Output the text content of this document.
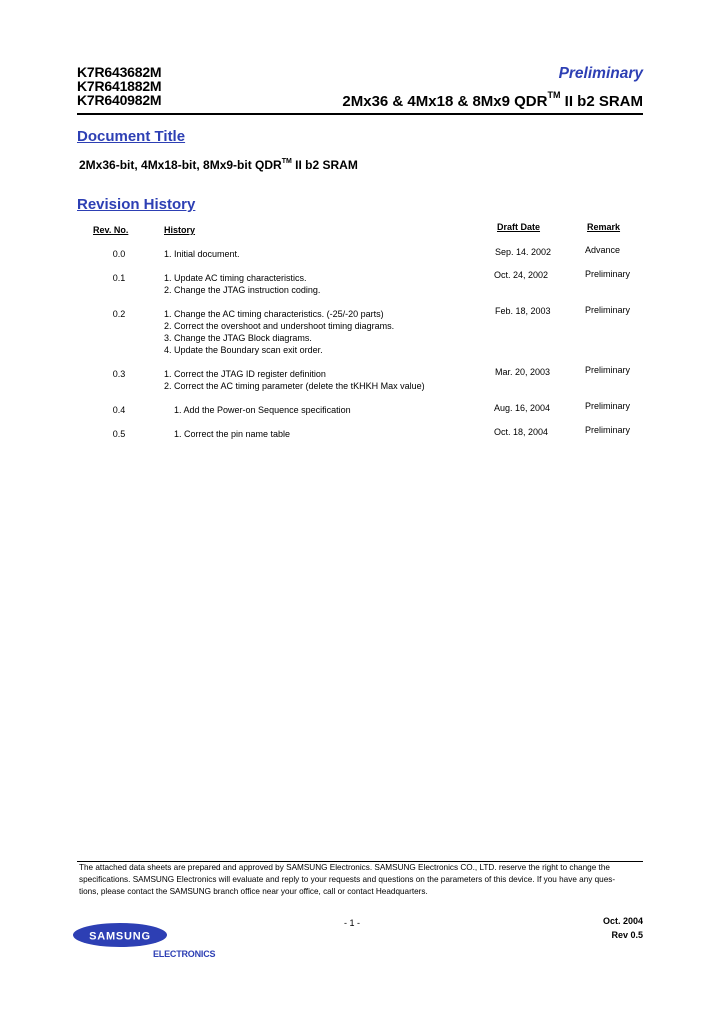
K7R643682M
K7R641882M
K7R640982M
Preliminary
2Mx36 & 4Mx18 & 8Mx9 QDR™ II b2 SRAM
Document Title
2Mx36-bit, 4Mx18-bit, 8Mx9-bit QDR™ II b2 SRAM
Revision History
Rev. No.	History	Draft Date	Remark
0.0	1. Initial document.	Sep. 14. 2002	Advance
0.1	1. Update AC timing characteristics.
2. Change the JTAG instruction coding.
Oct. 24, 2002	Preliminary
0.2	1. Change the AC timing characteristics. (-25/-20 parts)
2. Correct the overshoot and undershoot timing diagrams.
3. Change the JTAG Block diagrams.
4. Update the Boundary scan exit order.
Feb. 18, 2003	Preliminary
0.3	1. Correct the JTAG ID register definition
2. Correct the AC timing parameter (delete the tKHKH Max value)
Mar. 20, 2003	Preliminary
0.4	1. Add the Power-on Sequence specification	Aug. 16, 2004	Preliminary
0.5	1. Correct the pin name table	Oct. 18, 2004	Preliminary
The attached data sheets are prepared and approved by SAMSUNG Electronics. SAMSUNG Electronics CO., LTD. reserve the right to change the
specifications. SAMSUNG Electronics will evaluate and reply to your requests and questions on the parameters of this device. If you have any ques-
tions, please contact the SAMSUNG branch office near your office, call or contact Headquarters.
SAMSUNG
ELECTRONICS
- 1 -	Oct. 2004
Rev 0.5
